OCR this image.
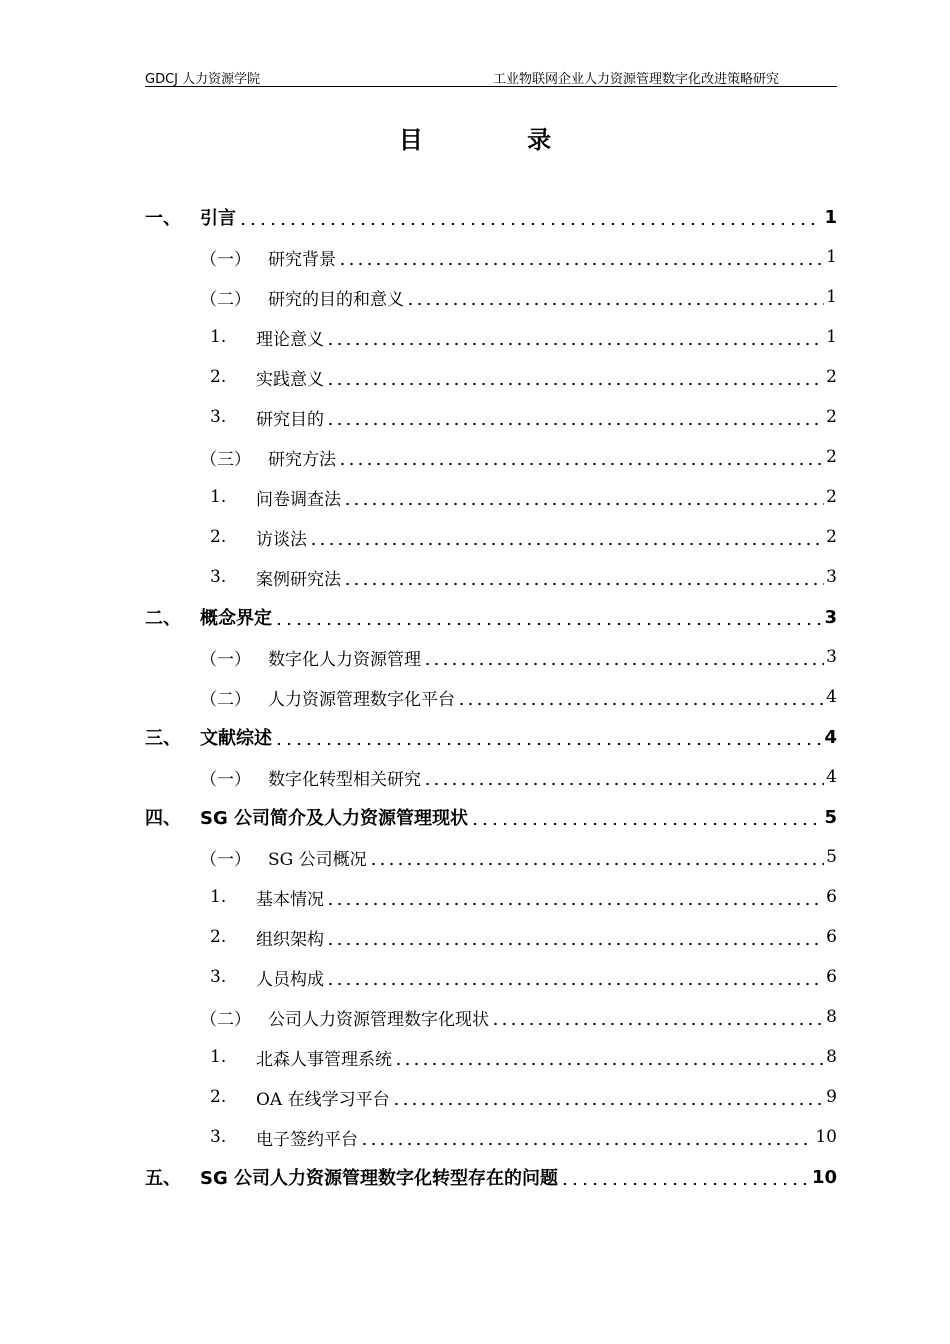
GDCJ 人力资源学院	工业物联网企业人力资源管理数字化改进策略研究
目 录
一、	引言	1
（一）	研究背景	1
（二）	研究的目的和意义	1
1.	理论意义	1
2.	实践意义	2
3.	研究目的	2
（三）	研究方法	2
1.	问卷调查法	2
2.	访谈法	2
3.	案例研究法	3
二、	概念界定	3
（一）	数字化人力资源管理	3
（二）	人力资源管理数字化平台	4
三、	文献综述	4
（一）	数字化转型相关研究	4
四、	SG 公司简介及人力资源管理现状	5
（一）	SG 公司概况	5
1.	基本情况	6
2.	组织架构	6
3.	人员构成	6
（二）	公司人力资源管理数字化现状	8
1.	北森人事管理系统	8
2.	OA 在线学习平台	9
3.	电子签约平台	10
五、	SG 公司人力资源管理数字化转型存在的问题	10
